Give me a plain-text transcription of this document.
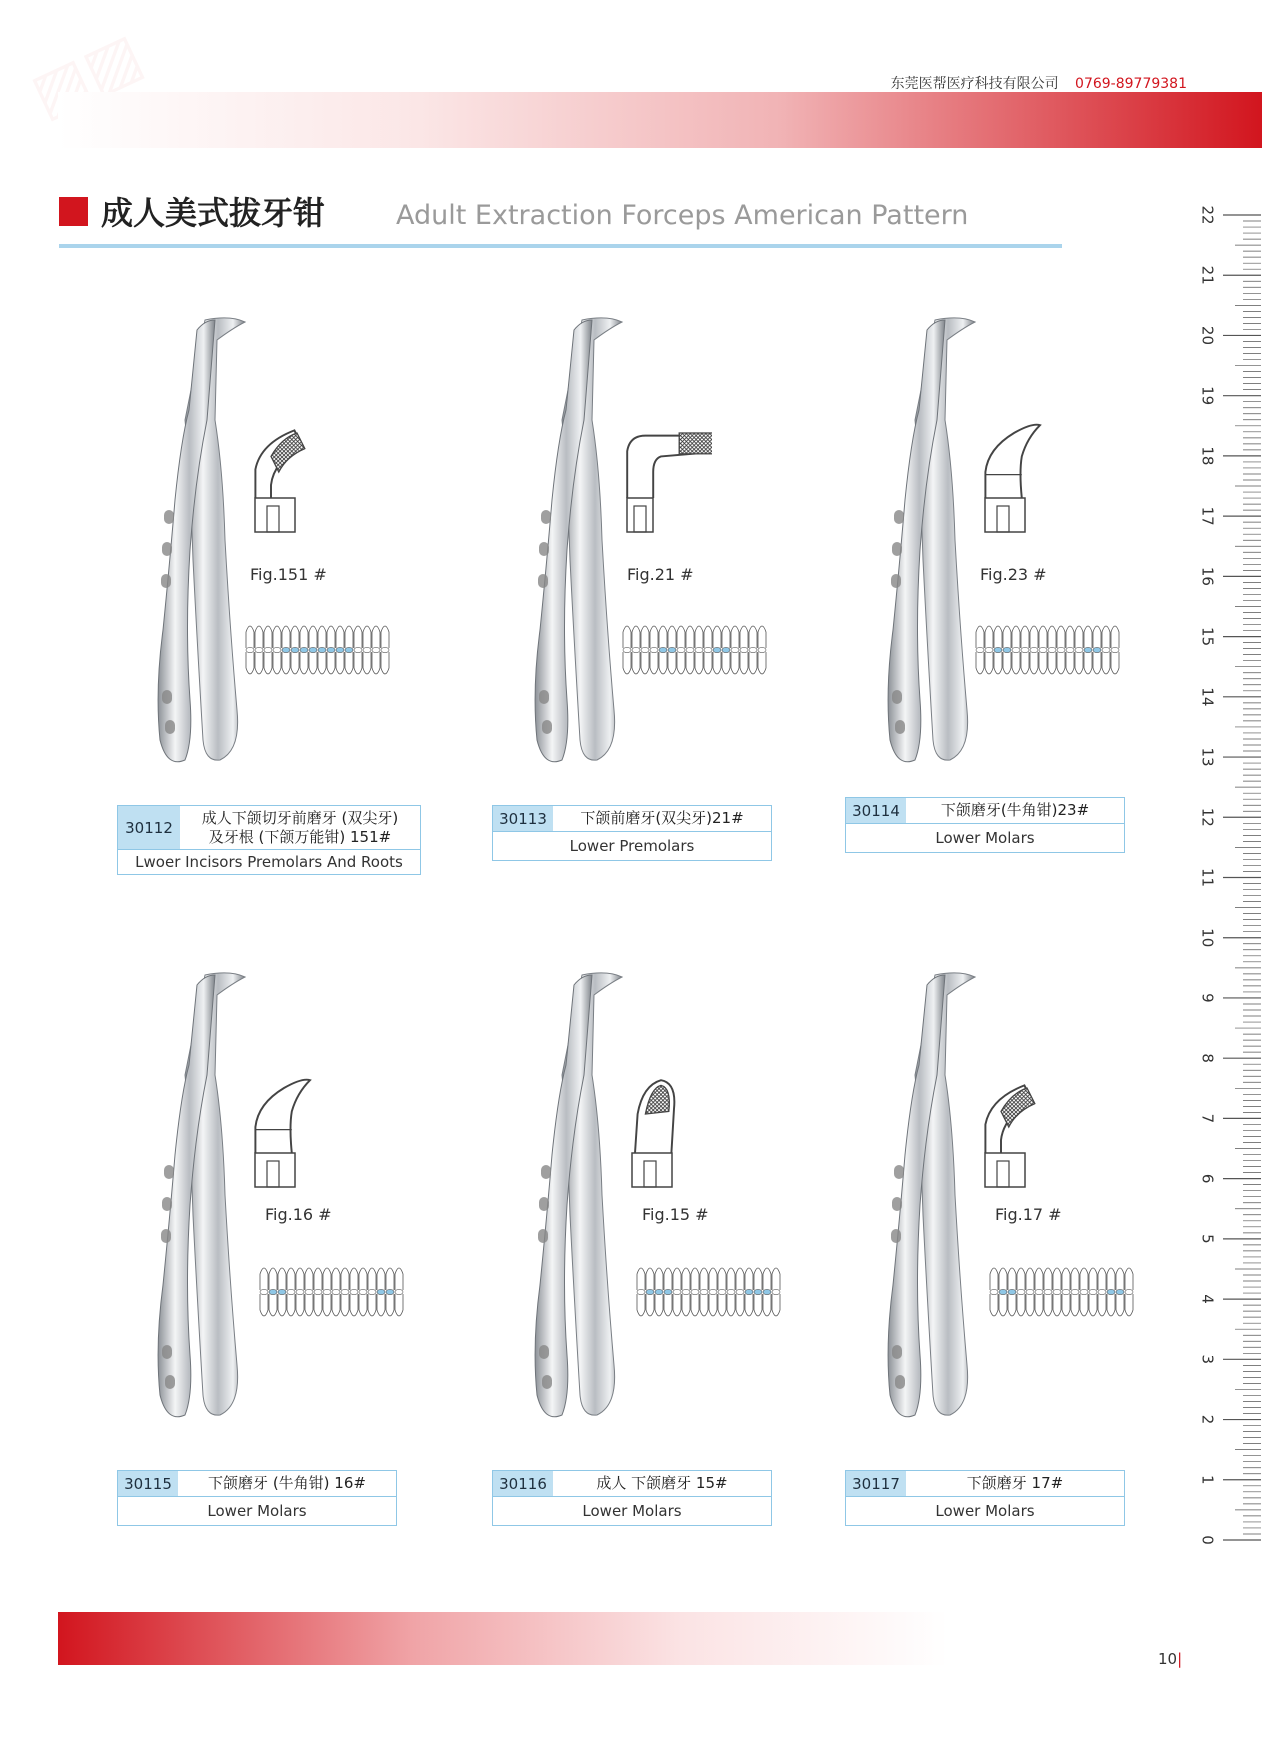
东莞医帮医疗科技有限公司 0769-89779381
成人美式拔牙钳	Adult Extraction Forceps American Pattern
0
1
2
3
4
5
6
7
8
9
10
11
12
13
14
15
16
17
18
19
20
21
22
Fig.151 #
30112
成人下颌切牙前磨牙 (双尖牙)
及牙根 (下颌万能钳) 151#
Lwoer Incisors Premolars And Roots
Fig.21 #
30113	下颌前磨牙(双尖牙)21#
Lower Premolars
Fig.23 #
30114	下颌磨牙(牛角钳)23#
Lower Molars
Fig.16 #
30115	下颌磨牙 (牛角钳) 16#
Lower Molars
Fig.15 #
30116	成人 下颌磨牙 15#
Lower Molars
Fig.17 #
30117	下颌磨牙 17#
Lower Molars
10|
